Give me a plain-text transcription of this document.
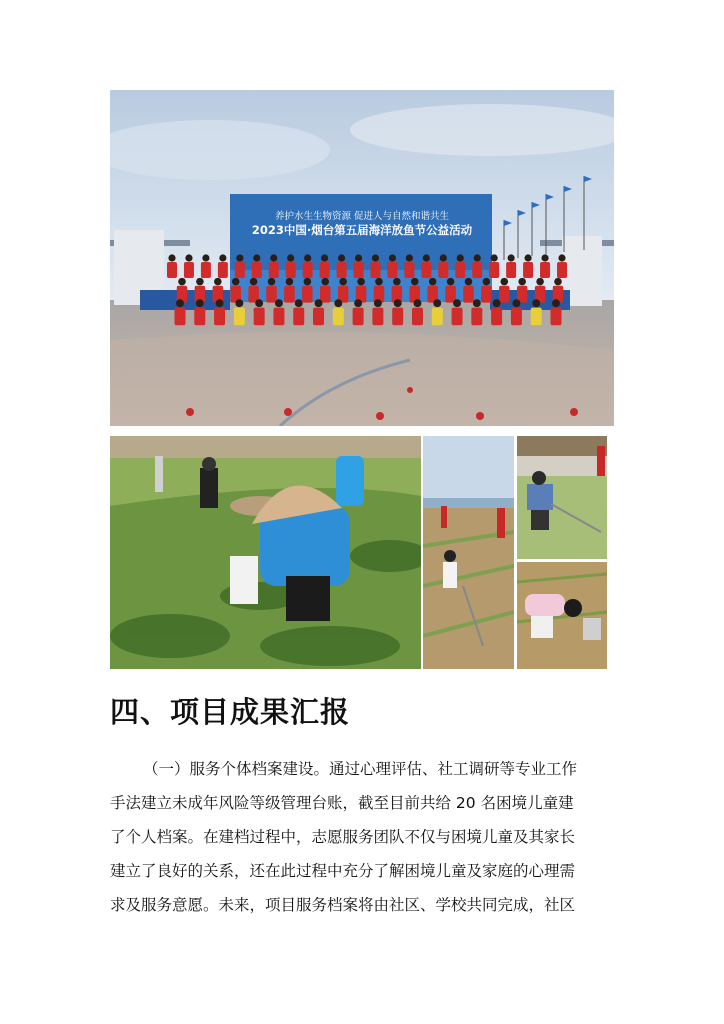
养护水生生物资源 促进人与自然和谐共生
2023中国·烟台第五届海洋放鱼节公益活动
四、项目成果汇报
（一）服务个体档案建设。通过心理评估、社工调研等专业工作
手法建立未成年风险等级管理台账，截至目前共给 20 名困境儿童建
了个人档案。在建档过程中，志愿服务团队不仅与困境儿童及其家长
建立了良好的关系，还在此过程中充分了解困境儿童及家庭的心理需
求及服务意愿。未来，项目服务档案将由社区、学校共同完成，社区
